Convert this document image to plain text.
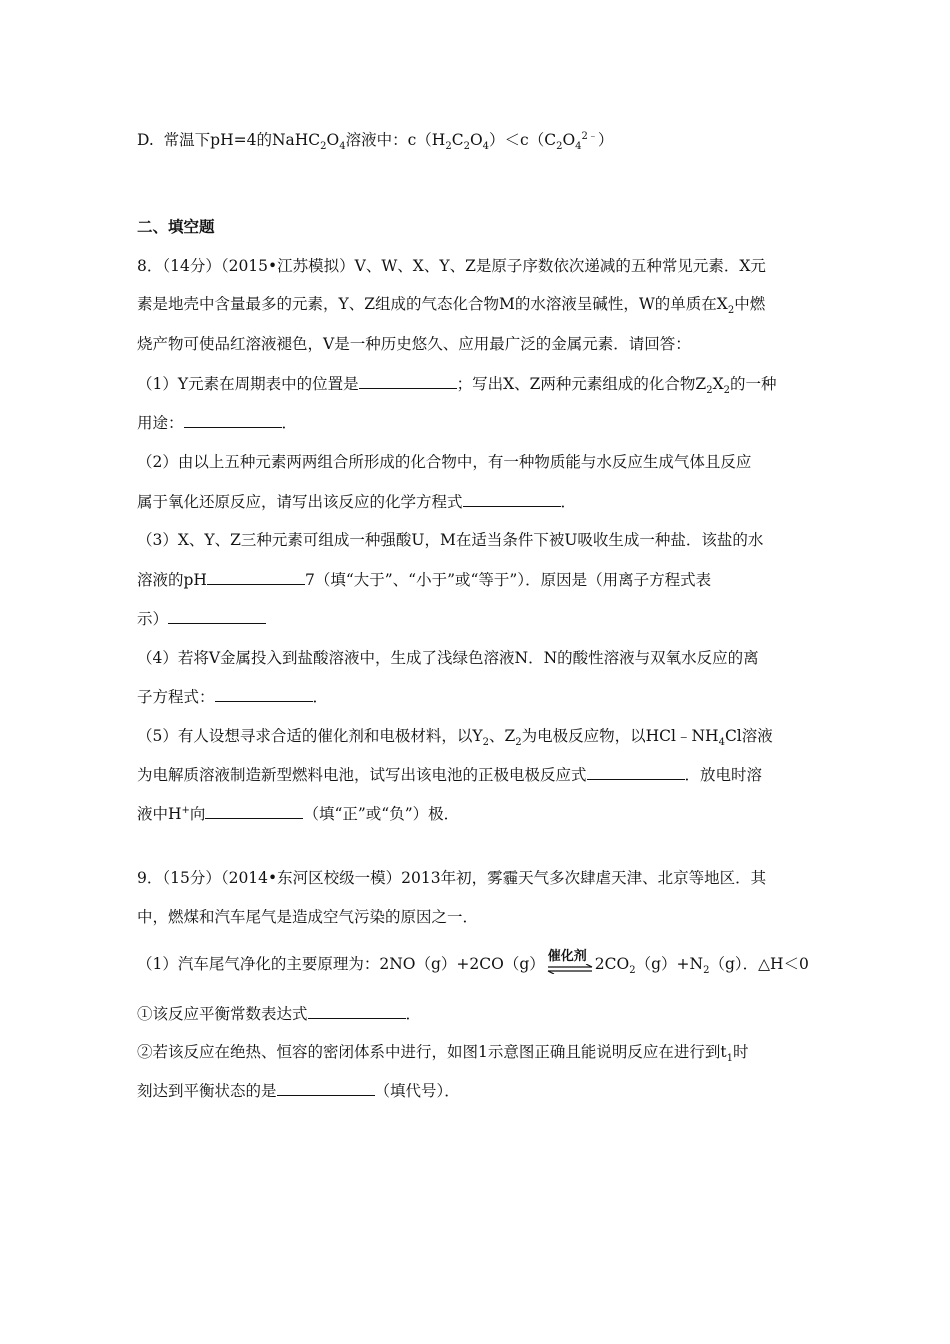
D. 常温下pH=4的$NaHC_2O_4$溶液中：$c(H_2C_2O_4)<c(C_2O_4^{2﹣})$
二、填空题
8．（14分）（2015•江苏模拟）V、W、X、Y、Z是原子序数依次递减的五种常见元素．X元
素是地壳中含量最多的元素，Y、Z组成的气态化合物M的水溶液呈碱性，W的单质在$X_2$中燃
烧产物可使品红溶液褪色，V是一种历史悠久、应用最广泛的金属元素．请回答：
（1）Y元素在周期表中的位置是	；写出X、Z两种元素组成的化合物$Z_2X_2$的一种
用途：	．
（2）由以上五种元素两两组合所形成的化合物中，有一种物质能与水反应生成气体且反应
属于氧化还原反应，请写出该反应的化学方程式	．
（3）X、Y、Z三种元素可组成一种强酸U，M在适当条件下被U吸收生成一种盐．该盐的水
溶液的pH	7（填“大于”、“小于”或“等于”）．原因是（用离子方程式表
示）
（4）若将V金属投入到盐酸溶液中，生成了浅绿色溶液N．N的酸性溶液与双氧水反应的离
子方程式：	．
（5）有人设想寻求合适的催化剂和电极材料，以$Y_2$、$Z_2$为电极反应物，以$HCl﹣NH_4Cl$溶液
为电解质溶液制造新型燃料电池，试写出该电池的正极电极反应式	．放电时溶
液中H+向	（填“正”或“负”）极．
9．（15分）（2014•东河区校级一模）2013年初，雾霾天气多次肆虐天津、北京等地区．其
中，燃煤和汽车尾气是造成空气污染的原因之一．
（1）汽车尾气净化的主要原理为：2NO（g）+2CO（g） 催化剂 $2CO_2(g)+N_2(g)$．△H＜0
①该反应平衡常数表达式	．
②若该反应在绝热、恒容的密闭体系中进行，如图1示意图正确且能说明反应在进行到$t_1$时
刻达到平衡状态的是	（填代号）．
